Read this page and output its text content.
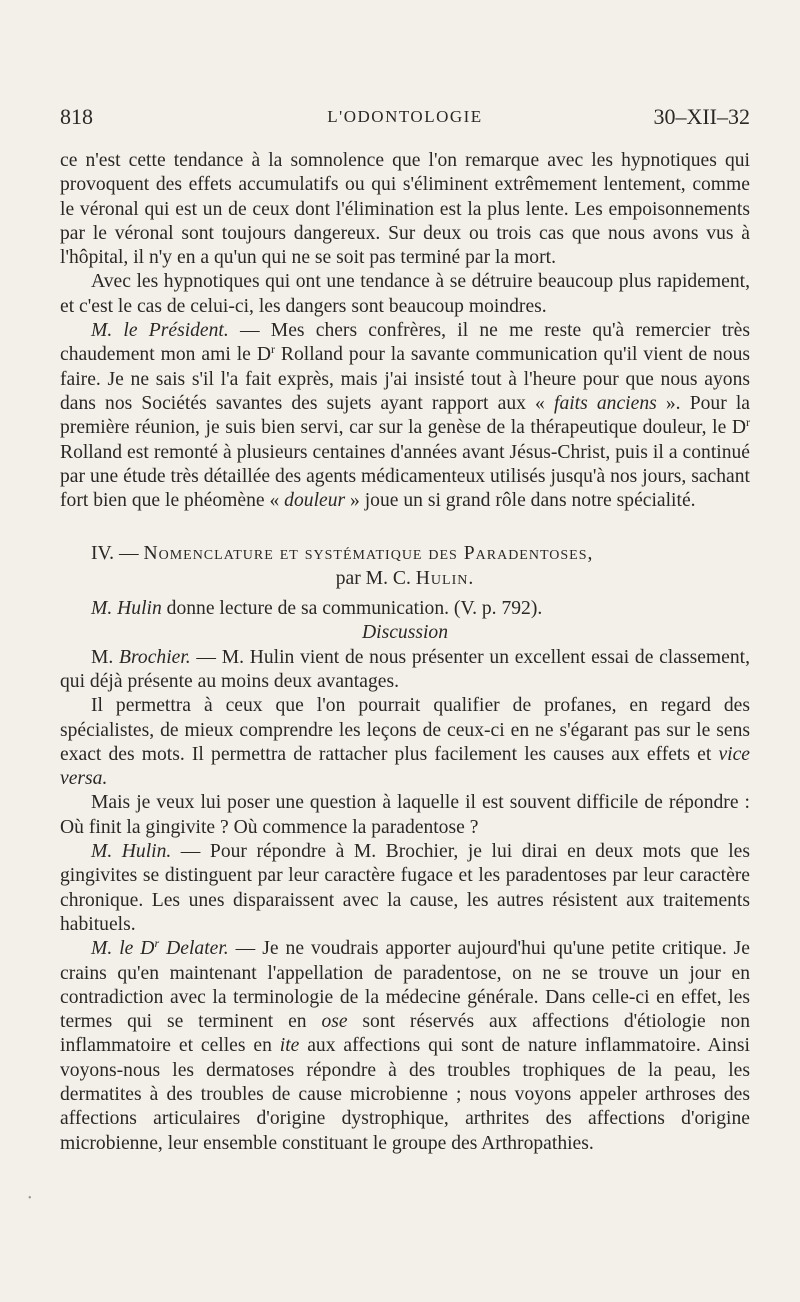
818	L'ODONTOLOGIE	30–XII–32

ce n'est cette tendance à la somnolence que l'on remarque avec les hypnotiques qui provoquent des effets accumulatifs ou qui s'éliminent extrêmement lentement, comme le véronal qui est un de ceux dont l'élimination est la plus lente. Les empoisonnements par le véronal sont toujours dangereux. Sur deux ou trois cas que nous avons vus à l'hôpital, il n'y en a qu'un qui ne se soit pas terminé par la mort.

Avec les hypnotiques qui ont une tendance à se détruire beaucoup plus rapidement, et c'est le cas de celui-ci, les dangers sont beaucoup moindres.

M. le Président. — Mes chers confrères, il ne me reste qu'à remercier très chaudement mon ami le $D^r$ Rolland pour la savante communication qu'il vient de nous faire. Je ne sais s'il l'a fait exprès, mais j'ai insisté tout à l'heure pour que nous ayons dans nos Sociétés savantes des sujets ayant rapport aux « faits anciens ». Pour la première réunion, je suis bien servi, car sur la genèse de la thérapeutique douleur, le $D^r$ Rolland est remonté à plusieurs centaines d'années avant Jésus-Christ, puis il a continué par une étude très détaillée des agents médicamenteux utilisés jusqu'à nos jours, sachant fort bien que le phéomène « douleur » joue un si grand rôle dans notre spécialité.

IV. — Nomenclature et systématique des Paradentoses,

par M. C. Hulin.

M. Hulin donne lecture de sa communication. (V. p. 792).

Discussion

M. Brochier. — M. Hulin vient de nous présenter un excellent essai de classement, qui déjà présente au moins deux avantages.

Il permettra à ceux que l'on pourrait qualifier de profanes, en regard des spécialistes, de mieux comprendre les leçons de ceux-ci en ne s'égarant pas sur le sens exact des mots. Il permettra de rattacher plus facilement les causes aux effets et vice versa.

Mais je veux lui poser une question à laquelle il est souvent difficile de répondre : Où finit la gingivite ? Où commence la paradentose ?

M. Hulin. — Pour répondre à M. Brochier, je lui dirai en deux mots que les gingivites se distinguent par leur caractère fugace et les paradentoses par leur caractère chronique. Les unes disparaissent avec la cause, les autres résistent aux traitements habituels.

M. le $D^r$ Delater. — Je ne voudrais apporter aujourd'hui qu'une petite critique. Je crains qu'en maintenant l'appellation de paradentose, on ne se trouve un jour en contradiction avec la terminologie de la médecine générale. Dans celle-ci en effet, les termes qui se terminent en ose sont réservés aux affections d'étiologie non inflammatoire et celles en ite aux affections qui sont de nature inflammatoire. Ainsi voyons-nous les dermatoses répondre à des troubles trophiques de la peau, les dermatites à des troubles de cause microbienne ; nous voyons appeler arthroses des affections articulaires d'origine dystrophique, arthrites des affections d'origine microbienne, leur ensemble constituant le groupe des Arthropathies.

•
